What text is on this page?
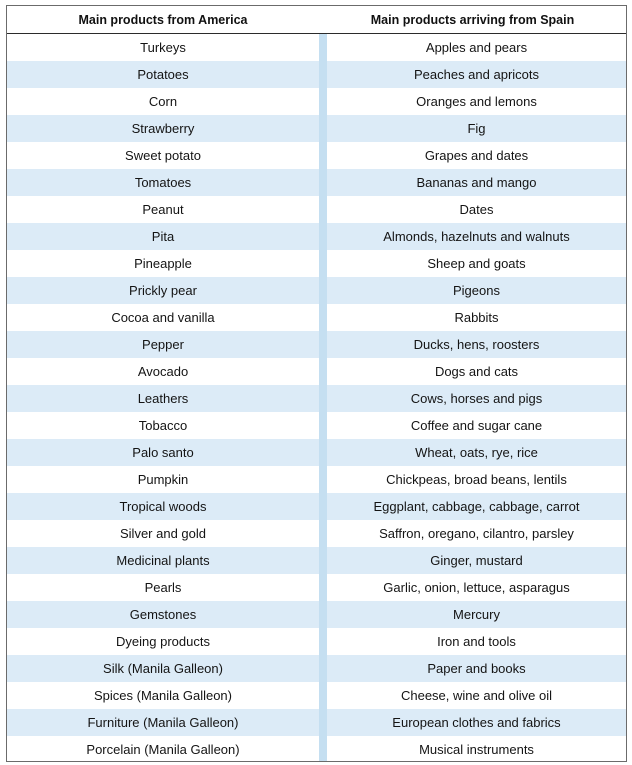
Main products from America	Main products arriving from Spain
Turkeys	Apples and pears
Potatoes	Peaches and apricots
Corn	Oranges and lemons
Strawberry	Fig
Sweet potato	Grapes and dates
Tomatoes	Bananas and mango
Peanut	Dates
Pita	Almonds, hazelnuts and walnuts
Pineapple	Sheep and goats
Prickly pear	Pigeons
Cocoa and vanilla	Rabbits
Pepper	Ducks, hens, roosters
Avocado	Dogs and cats
Leathers	Cows, horses and pigs
Tobacco	Coffee and sugar cane
Palo santo	Wheat, oats, rye, rice
Pumpkin	Chickpeas, broad beans, lentils
Tropical woods	Eggplant, cabbage, cabbage, carrot
Silver and gold	Saffron, oregano, cilantro, parsley
Medicinal plants	Ginger, mustard
Pearls	Garlic, onion, lettuce, asparagus
Gemstones	Mercury
Dyeing products	Iron and tools
Silk (Manila Galleon)	Paper and books
Spices (Manila Galleon)	Cheese, wine and olive oil
Furniture (Manila Galleon)	European clothes and fabrics
Porcelain (Manila Galleon)	Musical instruments
